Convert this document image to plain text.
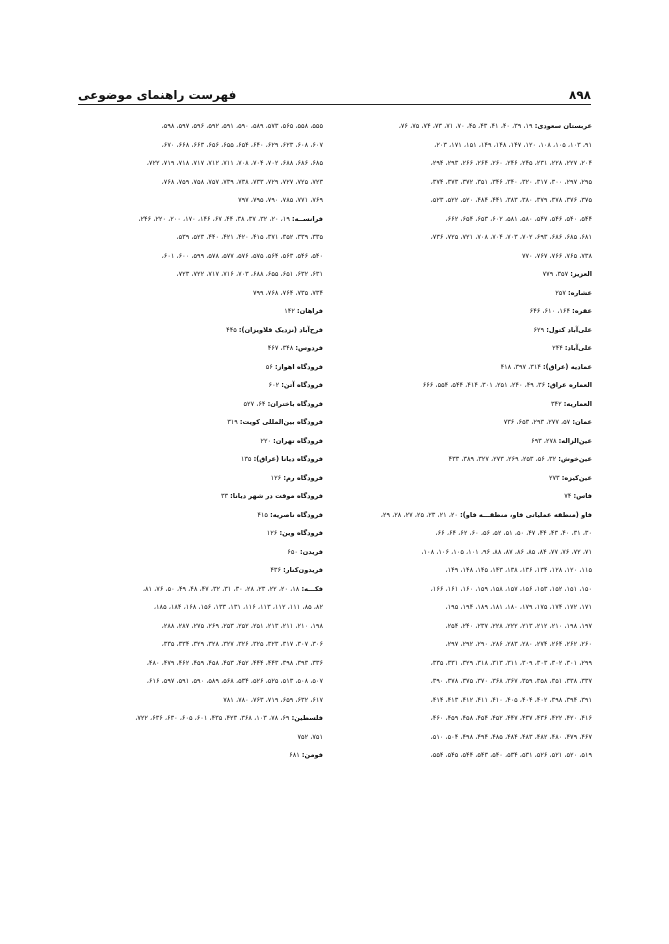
۸۹۸
فهرست راهنمای موضوعی
عربستان سعودی: ۱۹، ۳۹، ۴۰، ۴۱، ۴۳، ۴۵، ۷۰، ۷۱، ۷۳، ۷۴، ۷۵، ۷۶،
۹۱، ۱۰۳، ۱۰۵، ۱۰۸، ۱۲۰، ۱۴۷، ۱۴۸، ۱۴۹، ۱۵۱، ۱۷۱، ۲۰۳،
۲۰۴، ۲۲۷، ۲۲۸، ۲۳۱، ۲۴۵، ۲۴۶، ۲۶۰، ۲۶۴، ۲۶۶، ۲۹۳، ۲۹۴،
۲۹۵، ۲۹۷، ۳۰۰، ۳۱۷، ۳۲۰، ۳۴۰، ۳۴۶، ۳۵۱، ۳۷۲، ۳۷۳، ۳۷۴،
۳۷۵، ۳۷۶، ۳۷۸، ۳۷۹، ۳۸۰، ۳۸۳، ۴۴۱، ۴۸۴، ۵۲۰، ۵۲۲، ۵۲۳،
۵۴۴، ۵۴۰، ۵۴۶، ۵۴۷، ۵۸۰، ۵۸۱، ۶۰۲، ۶۵۳، ۶۵۴، ۶۶۲،
۶۸۱، ۶۸۵، ۶۸۶، ۶۹۳، ۷۰۲، ۷۰۳، ۷۰۴، ۷۰۸، ۷۲۱، ۷۲۵، ۷۳۶،
۷۳۸، ۷۶۵، ۷۶۶، ۷۶۷، ۷۷۰
العزیز: ۳۵۷، ۷۷۹
عشاره: ۲۵۷
عقره: ۱۶۴، ۶۱۰، ۶۴۶
علی‌آباد کتول: ۶۲۹
علی‌آباد: ۲۴۴
عمادیه (عراق): ۳۱۴، ۳۹۷، ۴۱۸
العماره عراق: ۳۶، ۴۹، ۲۴۰، ۲۵۱، ۳۰۱، ۴۱۴، ۵۴۴، ۵۵۴، ۶۶۶
العماریه: ۳۴۲
عمان: ۵۷، ۲۷۷، ۲۹۳، ۶۵۳، ۷۳۶
عین‌الزاله: ۲۷۸، ۶۹۳
عین‌خوش: ۳۲، ۵۶، ۲۵۳، ۲۶۹، ۲۷۳، ۳۲۷، ۳۸۹، ۴۳۳
عین‌کیزه: ۲۷۳
فاس: ۷۴
فاو (منطقه عملیاتی فاو، منطقـــه فاو): ۲۰، ۲۱، ۲۳، ۲۵، ۲۷، ۲۸، ۲۹،
۳۰، ۳۱، ۴۰، ۴۳، ۴۴، ۴۷، ۵۰، ۵۱، ۵۲، ۵۶، ۶۰، ۶۲، ۶۴، ۶۶،
۷۱، ۷۲، ۷۶، ۷۷، ۸۴، ۸۵، ۸۶، ۸۷، ۸۸، ۹۶، ۱۰۱، ۱۰۵، ۱۰۶، ۱۰۸،
۱۱۵، ۱۲۰، ۱۲۸، ۱۳۴، ۱۳۶، ۱۳۸، ۱۴۳، ۱۴۵، ۱۴۸، ۱۴۹،
۱۵۰، ۱۵۱، ۱۵۲، ۱۵۳، ۱۵۶، ۱۵۷، ۱۵۸، ۱۵۹، ۱۶۰، ۱۶۱، ۱۶۶،
۱۷۱، ۱۷۲، ۱۷۴، ۱۷۵، ۱۷۹، ۱۸۰، ۱۸۱، ۱۸۹، ۱۹۴، ۱۹۵،
۱۹۷، ۱۹۸، ۲۱۰، ۲۱۲، ۲۱۳، ۲۲۲، ۲۲۸، ۲۳۷، ۲۴۰، ۲۵۴،
۲۶۰، ۲۶۲، ۲۶۴، ۲۷۴، ۲۸۰، ۲۸۳، ۲۸۶، ۲۹۰، ۲۹۲، ۲۹۷،
۲۹۹، ۳۰۱، ۳۰۲، ۳۰۳، ۳۰۹، ۳۱۱، ۳۱۳، ۳۱۸، ۳۲۹، ۳۳۱، ۳۳۵،
۳۳۷، ۳۳۸، ۳۵۱، ۳۵۸، ۳۵۹، ۳۶۷، ۳۶۸، ۳۷۰، ۳۷۵، ۳۷۸، ۳۹۰،
۳۹۱، ۳۹۴، ۳۹۸، ۴۰۲، ۴۰۴، ۴۰۵، ۴۱۰، ۴۱۱، ۴۱۲، ۴۱۳، ۴۱۴،
۴۱۶، ۴۲۰، ۴۲۲، ۴۳۶، ۴۳۷، ۴۴۷، ۴۵۲، ۴۵۴، ۴۵۸، ۴۵۹، ۴۶۰،
۴۶۷، ۴۷۹، ۴۸۰، ۴۸۲، ۴۸۳، ۴۸۴، ۴۸۵، ۴۹۴، ۴۹۸، ۵۰۴، ۵۱۰،
۵۱۹، ۵۲۰، ۵۲۱، ۵۲۶، ۵۳۱، ۵۳۴، ۵۴۰، ۵۴۳، ۵۴۴، ۵۴۵، ۵۵۴،
۵۵۵، ۵۵۸، ۵۶۵، ۵۷۳، ۵۸۹، ۵۹۰، ۵۹۱، ۵۹۲، ۵۹۶، ۵۹۷، ۵۹۸،
۶۰۷، ۶۰۸، ۶۲۳، ۶۲۹، ۶۴۰، ۶۵۴، ۶۵۵، ۶۵۶، ۶۶۳، ۶۶۸، ۶۷۰،
۶۸۵، ۶۸۶، ۶۸۸، ۷۰۲، ۷۰۴، ۷۰۸، ۷۱۱، ۷۱۲، ۷۱۷، ۷۱۸، ۷۱۹، ۷۲۲،
۷۲۳، ۷۲۵، ۷۲۷، ۷۲۹، ۷۳۳، ۷۳۸، ۷۳۹، ۷۵۷، ۷۵۸، ۷۵۹، ۷۶۸،
۷۶۹، ۷۷۱، ۷۸۵، ۷۹۰، ۷۹۵، ۷۹۷
فرانســه: ۱۹، ۲۰، ۳۲، ۳۷، ۳۸، ۴۴، ۶۷، ۱۴۶، ۱۷۰، ۲۰۰، ۲۲۰، ۲۴۶،
۳۳۵، ۳۳۹، ۳۵۲، ۳۷۱، ۴۱۵، ۴۲۰، ۴۲۱، ۴۴۰، ۵۲۳، ۵۳۹،
۵۴۰، ۵۴۶، ۵۶۳، ۵۶۴، ۵۷۵، ۵۷۶، ۵۷۷، ۵۷۸، ۵۹۹، ۶۰۰، ۶۰۱،
۶۳۱، ۶۳۲، ۶۵۱، ۶۵۵، ۶۸۸، ۷۰۳، ۷۱۶، ۷۱۷، ۷۲۲، ۷۲۳،
۷۳۴، ۷۳۵، ۷۶۴، ۷۶۸، ۷۹۹
فراهان: ۱۴۲
فرح‌آباد (نزدیک قلاویزان): ۴۴۵
فردوس: ۳۴۸، ۴۶۷
فرودگاه اهواز: ۵۶
فرودگاه آتن: ۶۰۲
فرودگاه باختران: ۶۴، ۵۲۷
فرودگاه بین‌المللی کویت: ۳۱۹
فرودگاه تهران: ۲۲۰
فرودگاه دیانا (عراق): ۱۳۵
فرودگاه رم: ۱۲۶
فرودگاه موقت در شهر دیانا: ۳۳
فرودگاه ناصریه: ۴۱۵
فرودگاه وین: ۱۲۶
فریدن: ۶۵۰
فریدون‌کنار: ۴۳۶
فکـــه: ۱۸، ۲۰، ۲۲، ۲۳، ۲۸، ۳۰، ۳۱، ۳۲، ۴۷، ۴۸، ۴۹، ۵۰، ۷۶، ۸۱،
۸۲، ۸۵، ۱۱۱، ۱۱۲، ۱۱۳، ۱۱۶، ۱۳۱، ۱۳۳، ۱۵۶، ۱۶۸، ۱۸۴، ۱۸۵،
۱۹۸، ۲۱۰، ۲۱۱، ۲۱۳، ۲۵۱، ۲۵۲، ۲۵۳، ۲۶۹، ۲۷۵، ۲۸۷، ۲۸۸،
۳۰۶، ۳۰۷، ۳۱۷، ۳۲۳، ۳۲۵، ۳۲۶، ۳۲۷، ۳۲۸، ۳۲۹، ۳۳۴، ۳۳۵،
۳۳۶، ۳۹۳، ۳۹۸، ۴۴۳، ۴۴۴، ۴۵۲، ۴۵۳، ۴۵۸، ۴۵۹، ۴۶۲، ۴۷۹، ۴۸۰،
۵۰۷، ۵۰۸، ۵۱۳، ۵۲۵، ۵۲۶، ۵۳۴، ۵۶۸، ۵۸۹، ۵۹۰، ۵۹۱، ۵۹۷، ۶۱۶،
۶۱۷، ۶۳۲، ۶۵۹، ۷۱۹، ۷۶۳، ۷۸۰، ۷۸۱
فلسطین: ۶۹، ۷۸، ۱۰۳، ۳۶۸، ۴۲۳، ۴۳۵، ۶۰۱، ۶۰۵، ۶۳۰، ۶۳۶، ۷۲۲،
۷۵۱، ۷۵۲
فومن: ۶۸۱
